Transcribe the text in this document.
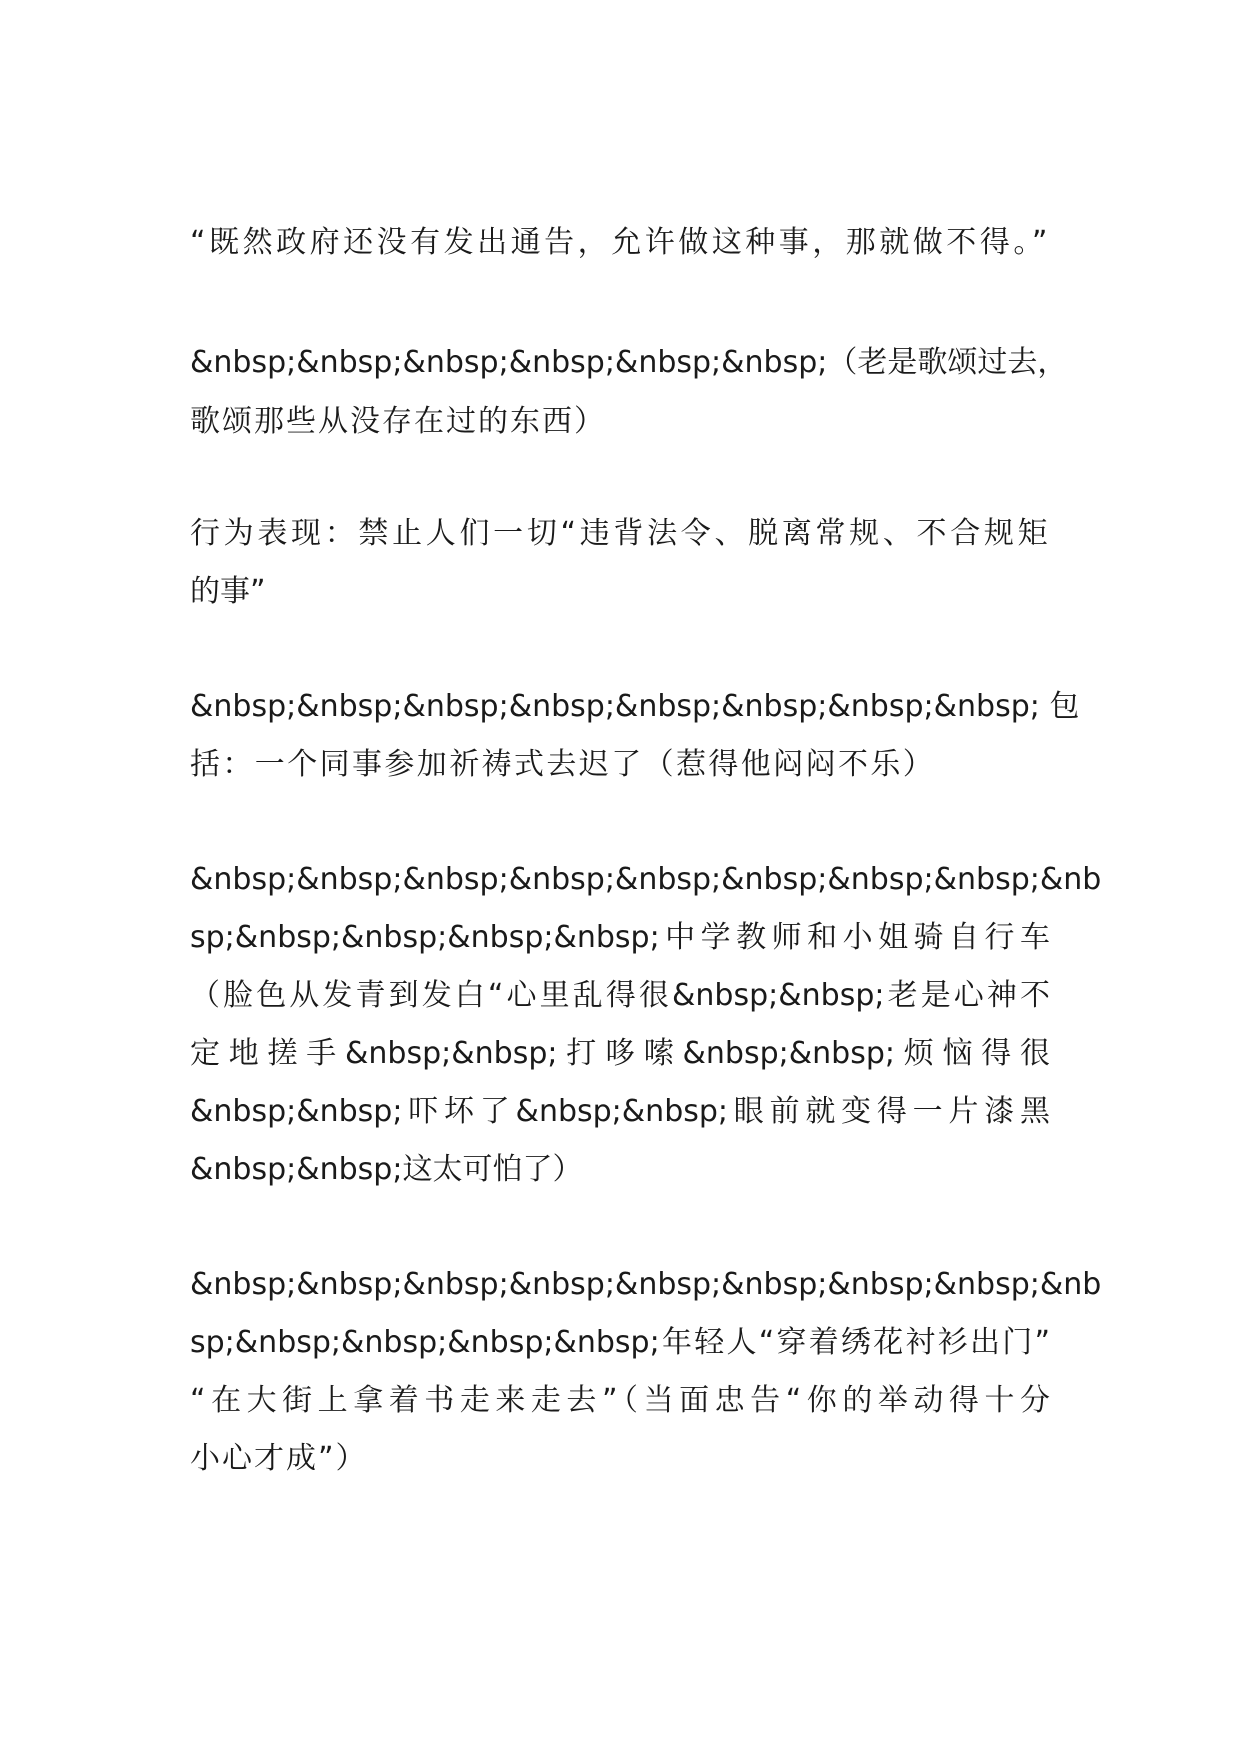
“既然政府还没有发出通告，允许做这种事，那就做不得。”
&nbsp;&nbsp;&nbsp;&nbsp;&nbsp;&nbsp;（老是歌颂过去，
歌颂那些从没存在过的东西）
行为表现：禁止人们一切“违背法令、脱离常规、不合规矩
的事”
&nbsp;&nbsp;&nbsp;&nbsp;&nbsp;&nbsp;&nbsp;&nbsp; 包
括：一个同事参加祈祷式去迟了（惹得他闷闷不乐）
&nbsp;&nbsp;&nbsp;&nbsp;&nbsp;&nbsp;&nbsp;&nbsp;&nb
sp;&nbsp;&nbsp;&nbsp;&nbsp;中学教师和小姐骑自行车
（脸色从发青到发白“心里乱得很&nbsp;&nbsp;老是心神不
定地搓手&nbsp;&nbsp;打哆嗦&nbsp;&nbsp;烦恼得很
&nbsp;&nbsp;吓坏了&nbsp;&nbsp;眼前就变得一片漆黑
&nbsp;&nbsp;这太可怕了）
&nbsp;&nbsp;&nbsp;&nbsp;&nbsp;&nbsp;&nbsp;&nbsp;&nb
sp;&nbsp;&nbsp;&nbsp;&nbsp;年轻人“穿着绣花衬衫出门”
“在大街上拿着书走来走去”（当面忠告“你的举动得十分
小心才成”）
